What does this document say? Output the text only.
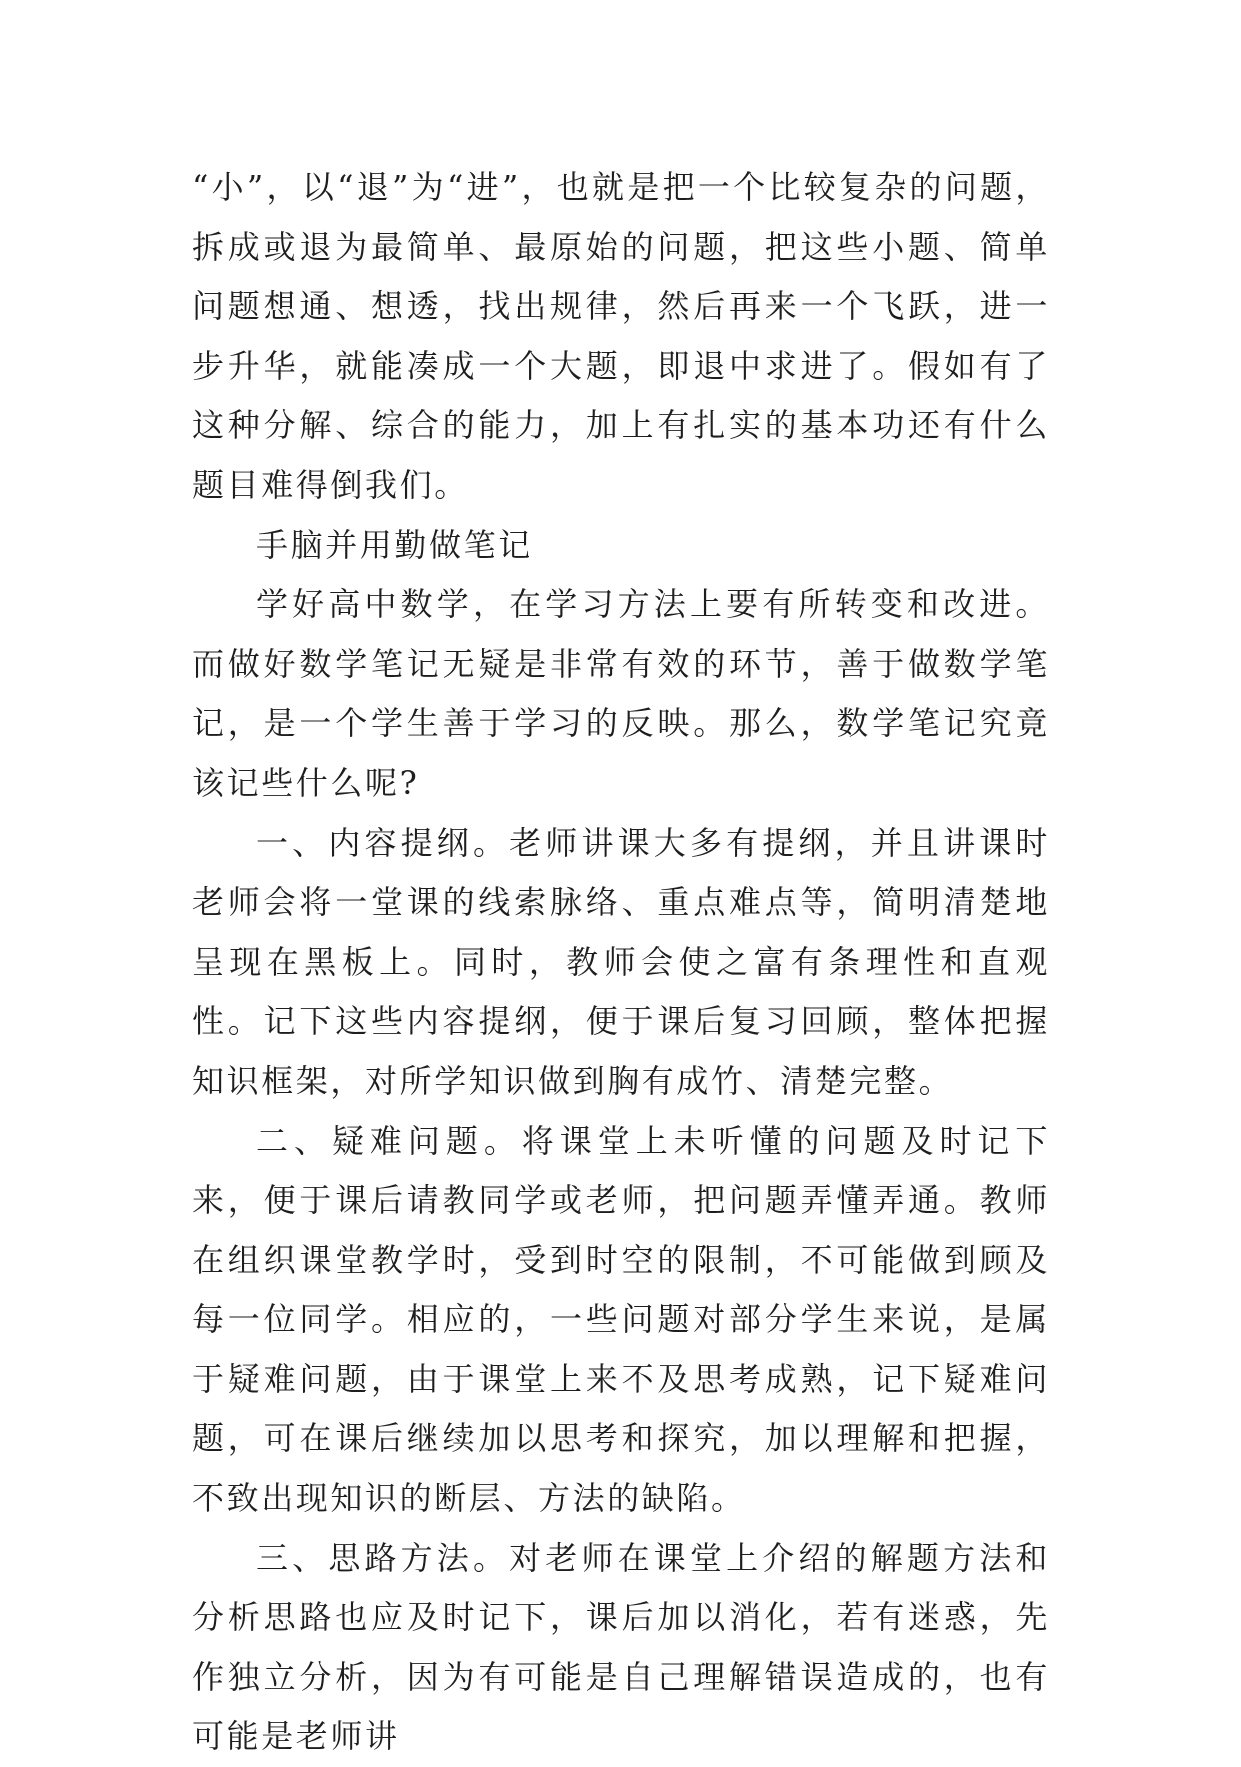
“小”，以“退”为“进”，也就是把一个比较复杂的问题，拆成或退为最简单、最原始的问题，把这些小题、简单问题想通、想透，找出规律，然后再来一个飞跃，进一步升华，就能凑成一个大题，即退中求进了。假如有了这种分解、综合的能力，加上有扎实的基本功还有什么题目难得倒我们。

手脑并用勤做笔记

学好高中数学，在学习方法上要有所转变和改进。而做好数学笔记无疑是非常有效的环节，善于做数学笔记，是一个学生善于学习的反映。那么，数学笔记究竟该记些什么呢?

一、内容提纲。老师讲课大多有提纲，并且讲课时老师会将一堂课的线索脉络、重点难点等，简明清楚地呈现在黑板上。同时，教师会使之富有条理性和直观性。记下这些内容提纲，便于课后复习回顾，整体把握知识框架，对所学知识做到胸有成竹、清楚完整。

二、疑难问题。将课堂上未听懂的问题及时记下来，便于课后请教同学或老师，把问题弄懂弄通。教师在组织课堂教学时，受到时空的限制，不可能做到顾及每一位同学。相应的，一些问题对部分学生来说，是属于疑难问题，由于课堂上来不及思考成熟，记下疑难问题，可在课后继续加以思考和探究，加以理解和把握，不致出现知识的断层、方法的缺陷。

三、思路方法。对老师在课堂上介绍的解题方法和分析思路也应及时记下，课后加以消化，若有迷惑，先作独立分析，因为有可能是自己理解错误造成的，也有可能是老师讲
